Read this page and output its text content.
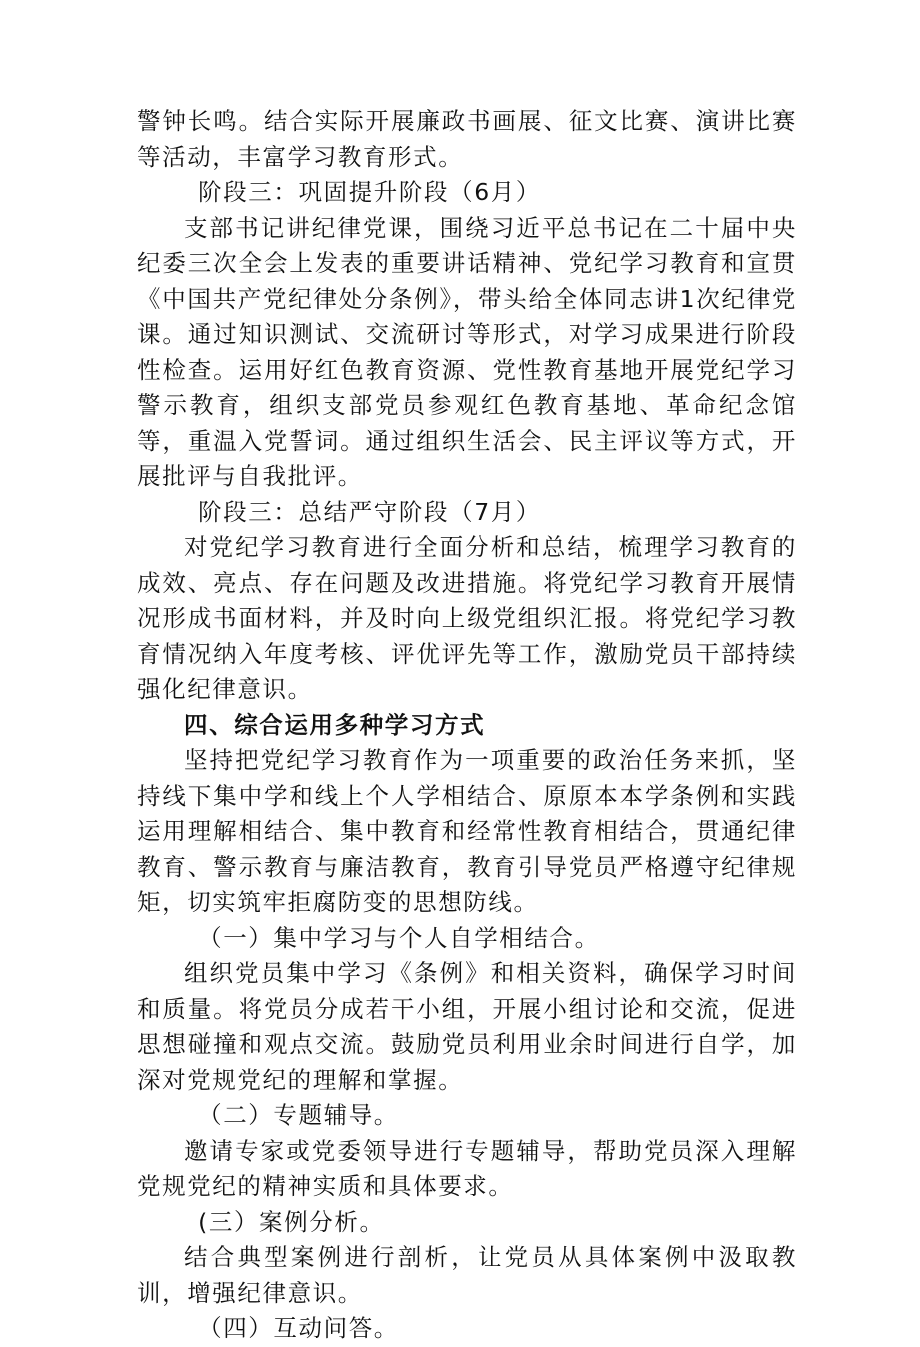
警钟长鸣。结合实际开展廉政书画展、征文比赛、演讲比赛等活动，丰富学习教育形式。

阶段三：巩固提升阶段（6月）

支部书记讲纪律党课，围绕习近平总书记在二十届中央纪委三次全会上发表的重要讲话精神、党纪学习教育和宣贯《中国共产党纪律处分条例》，带头给全体同志讲1次纪律党课。通过知识测试、交流研讨等形式，对学习成果进行阶段性检查。运用好红色教育资源、党性教育基地开展党纪学习警示教育，组织支部党员参观红色教育基地、革命纪念馆等，重温入党誓词。通过组织生活会、民主评议等方式，开展批评与自我批评。

阶段三：总结严守阶段（7月）

对党纪学习教育进行全面分析和总结，梳理学习教育的成效、亮点、存在问题及改进措施。将党纪学习教育开展情况形成书面材料，并及时向上级党组织汇报。将党纪学习教育情况纳入年度考核、评优评先等工作，激励党员干部持续强化纪律意识。

四、综合运用多种学习方式

坚持把党纪学习教育作为一项重要的政治任务来抓，坚持线下集中学和线上个人学相结合、原原本本学条例和实践运用理解相结合、集中教育和经常性教育相结合，贯通纪律教育、警示教育与廉洁教育，教育引导党员严格遵守纪律规矩，切实筑牢拒腐防变的思想防线。

（一）集中学习与个人自学相结合。

组织党员集中学习《条例》和相关资料，确保学习时间和质量。将党员分成若干小组，开展小组讨论和交流，促进思想碰撞和观点交流。鼓励党员利用业余时间进行自学，加深对党规党纪的理解和掌握。

（二）专题辅导。

邀请专家或党委领导进行专题辅导，帮助党员深入理解党规党纪的精神实质和具体要求。

(三）案例分析。

结合典型案例进行剖析，让党员从具体案例中汲取教训，增强纪律意识。

（四）互动问答。
